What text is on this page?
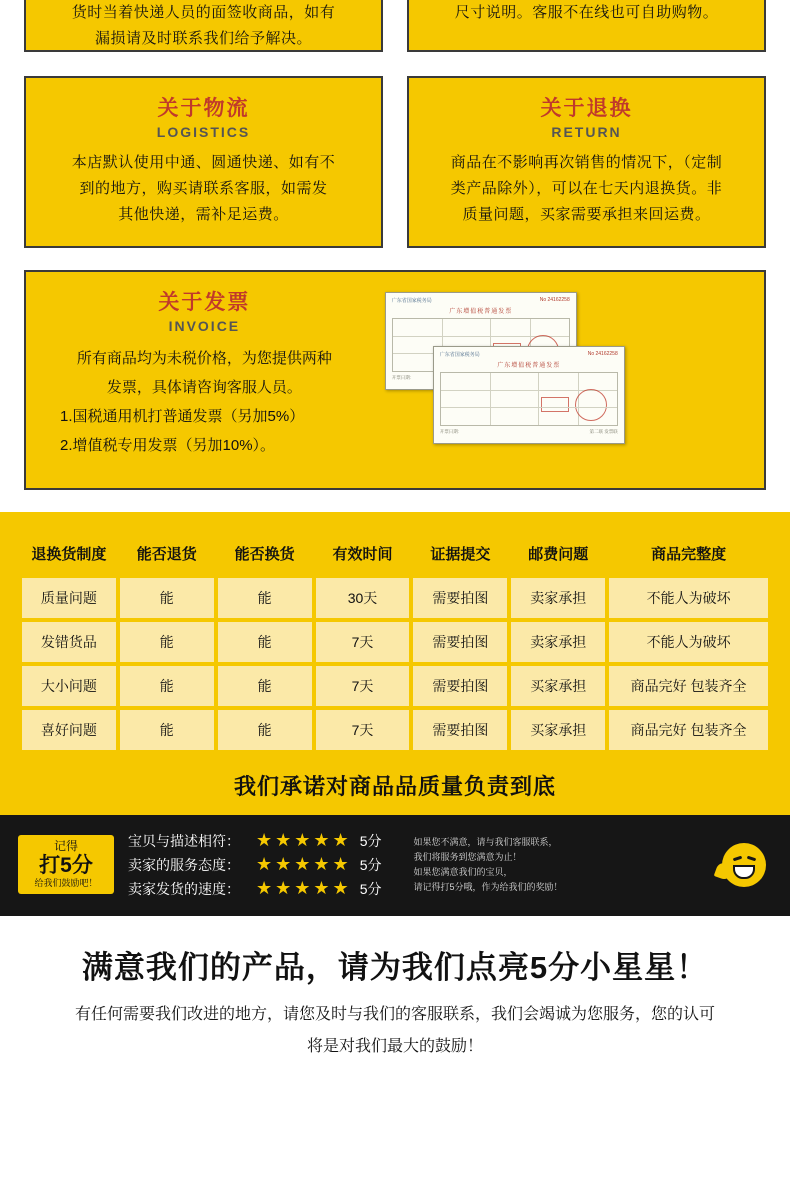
货时当着快递人员的面签收商品，如有
漏损请及时联系我们给予解决。
尺寸说明。客服不在线也可自助购物。
关于物流
LOGISTICS
本店默认使用中通、圆通快递、如有不
到的地方，购买请联系客服，如需发
其他快递，需补足运费。
关于退换
RETURN
商品在不影响再次销售的情况下，（定制
类产品除外），可以在七天内退换货。非
质量问题，买家需要承担来回运费。
关于发票
INVOICE
所有商品均为未税价格，为您提供两种
发票，具体请咨询客服人员。
1.国税通用机打普通发票（另加5%）
2.增值税专用发票（另加10%）。
广东省国家税务局	No 24162258
广东增值税普通发票
开票日期：
广东省国家税务局	No 24162258
广东增值税普通发票
开票日期：	第二联 发票联
退换货制度	能否退货	能否换货	有效时间	证据提交	邮费问题	商品完整度
质量问题	能	能	30天	需要拍图	卖家承担	不能人为破坏
发错货品	能	能	7天	需要拍图	卖家承担	不能人为破坏
大小问题	能	能	7天	需要拍图	买家承担	商品完好 包装齐全
喜好问题	能	能	7天	需要拍图	买家承担	商品完好 包装齐全
我们承诺对商品品质量负责到底
记得
打5分
给我们鼓励吧！
宝贝与描述相符： ★★★★★ 5分
卖家的服务态度： ★★★★★ 5分
卖家发货的速度： ★★★★★ 5分
如果您不满意，请与我们客服联系，
我们将服务到您满意为止！
如果您满意我们的宝贝，
请记得打5分哦，作为给我们的奖励！
满意我们的产品，请为我们点亮5分小星星！

有任何需要我们改进的地方，请您及时与我们的客服联系，我们会竭诚为您服务，您的认可

将是对我们最大的鼓励！
